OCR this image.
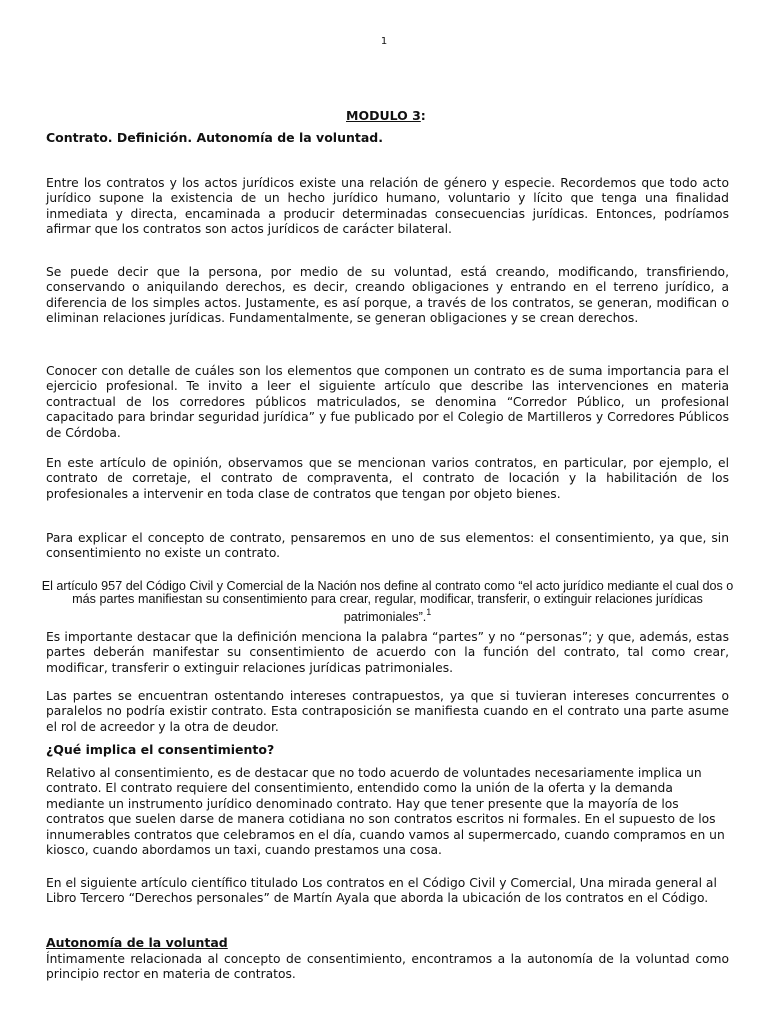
1
MODULO 3:
Contrato. Definición. Autonomía de la voluntad.

Entre los contratos y los actos jurídicos existe una relación de género y especie. Recordemos que todo acto jurídico supone la existencia de un hecho jurídico humano, voluntario y lícito que tenga una finalidad inmediata y directa, encaminada a producir determinadas consecuencias jurídicas. Entonces, podríamos afirmar que los contratos son actos jurídicos de carácter bilateral.

Se puede decir que la persona, por medio de su voluntad, está creando, modificando, transfiriendo, conservando o aniquilando derechos, es decir, creando obligaciones y entrando en el terreno jurídico, a diferencia de los simples actos. Justamente, es así porque, a través de los contratos, se generan, modifican o eliminan relaciones jurídicas. Fundamentalmente, se generan obligaciones y se crean derechos.

Conocer con detalle de cuáles son los elementos que componen un contrato es de suma importancia para el ejercicio profesional. Te invito a leer el siguiente artículo que describe las intervenciones en materia contractual de los corredores públicos matriculados, se denomina “Corredor Público, un profesional capacitado para brindar seguridad jurídica” y fue publicado por el Colegio de Martilleros y Corredores Públicos de Córdoba.

En este artículo de opinión, observamos que se mencionan varios contratos, en particular, por ejemplo, el contrato de corretaje, el contrato de compraventa, el contrato de locación y la habilitación de los profesionales a intervenir en toda clase de contratos que tengan por objeto bienes.

Para explicar el concepto de contrato, pensaremos en uno de sus elementos: el consentimiento, ya que, sin consentimiento no existe un contrato.

El artículo 957 del Código Civil y Comercial de la Nación nos define al contrato como “el acto jurídico mediante el cual dos o más partes manifiestan su consentimiento para crear, regular, modificar, transferir, o extinguir relaciones jurídicas patrimoniales”.$^1$

Es importante destacar que la definición menciona la palabra “partes” y no “personas”; y que, además, estas partes deberán manifestar su consentimiento de acuerdo con la función del contrato, tal como crear, modificar, transferir o extinguir relaciones jurídicas patrimoniales.

Las partes se encuentran ostentando intereses contrapuestos, ya que si tuvieran intereses concurrentes o paralelos no podría existir contrato. Esta contraposición se manifiesta cuando en el contrato una parte asume el rol de acreedor y la otra de deudor.

¿Qué implica el consentimiento?

Relativo al consentimiento, es de destacar que no todo acuerdo de voluntades necesariamente implica un contrato. El contrato requiere del consentimiento, entendido como la unión de la oferta y la demanda mediante un instrumento jurídico denominado contrato. Hay que tener presente que la mayoría de los contratos que suelen darse de manera cotidiana no son contratos escritos ni formales. En el supuesto de los innumerables contratos que celebramos en el día, cuando vamos al supermercado, cuando compramos en un kiosco, cuando abordamos un taxi, cuando prestamos una cosa.

En el siguiente artículo científico titulado Los contratos en el Código Civil y Comercial, Una mirada general al Libro Tercero “Derechos personales” de Martín Ayala que aborda la ubicación de los contratos en el Código.

Autonomía de la voluntad

Íntimamente relacionada al concepto de consentimiento, encontramos a la autonomía de la voluntad como principio rector en materia de contratos.
